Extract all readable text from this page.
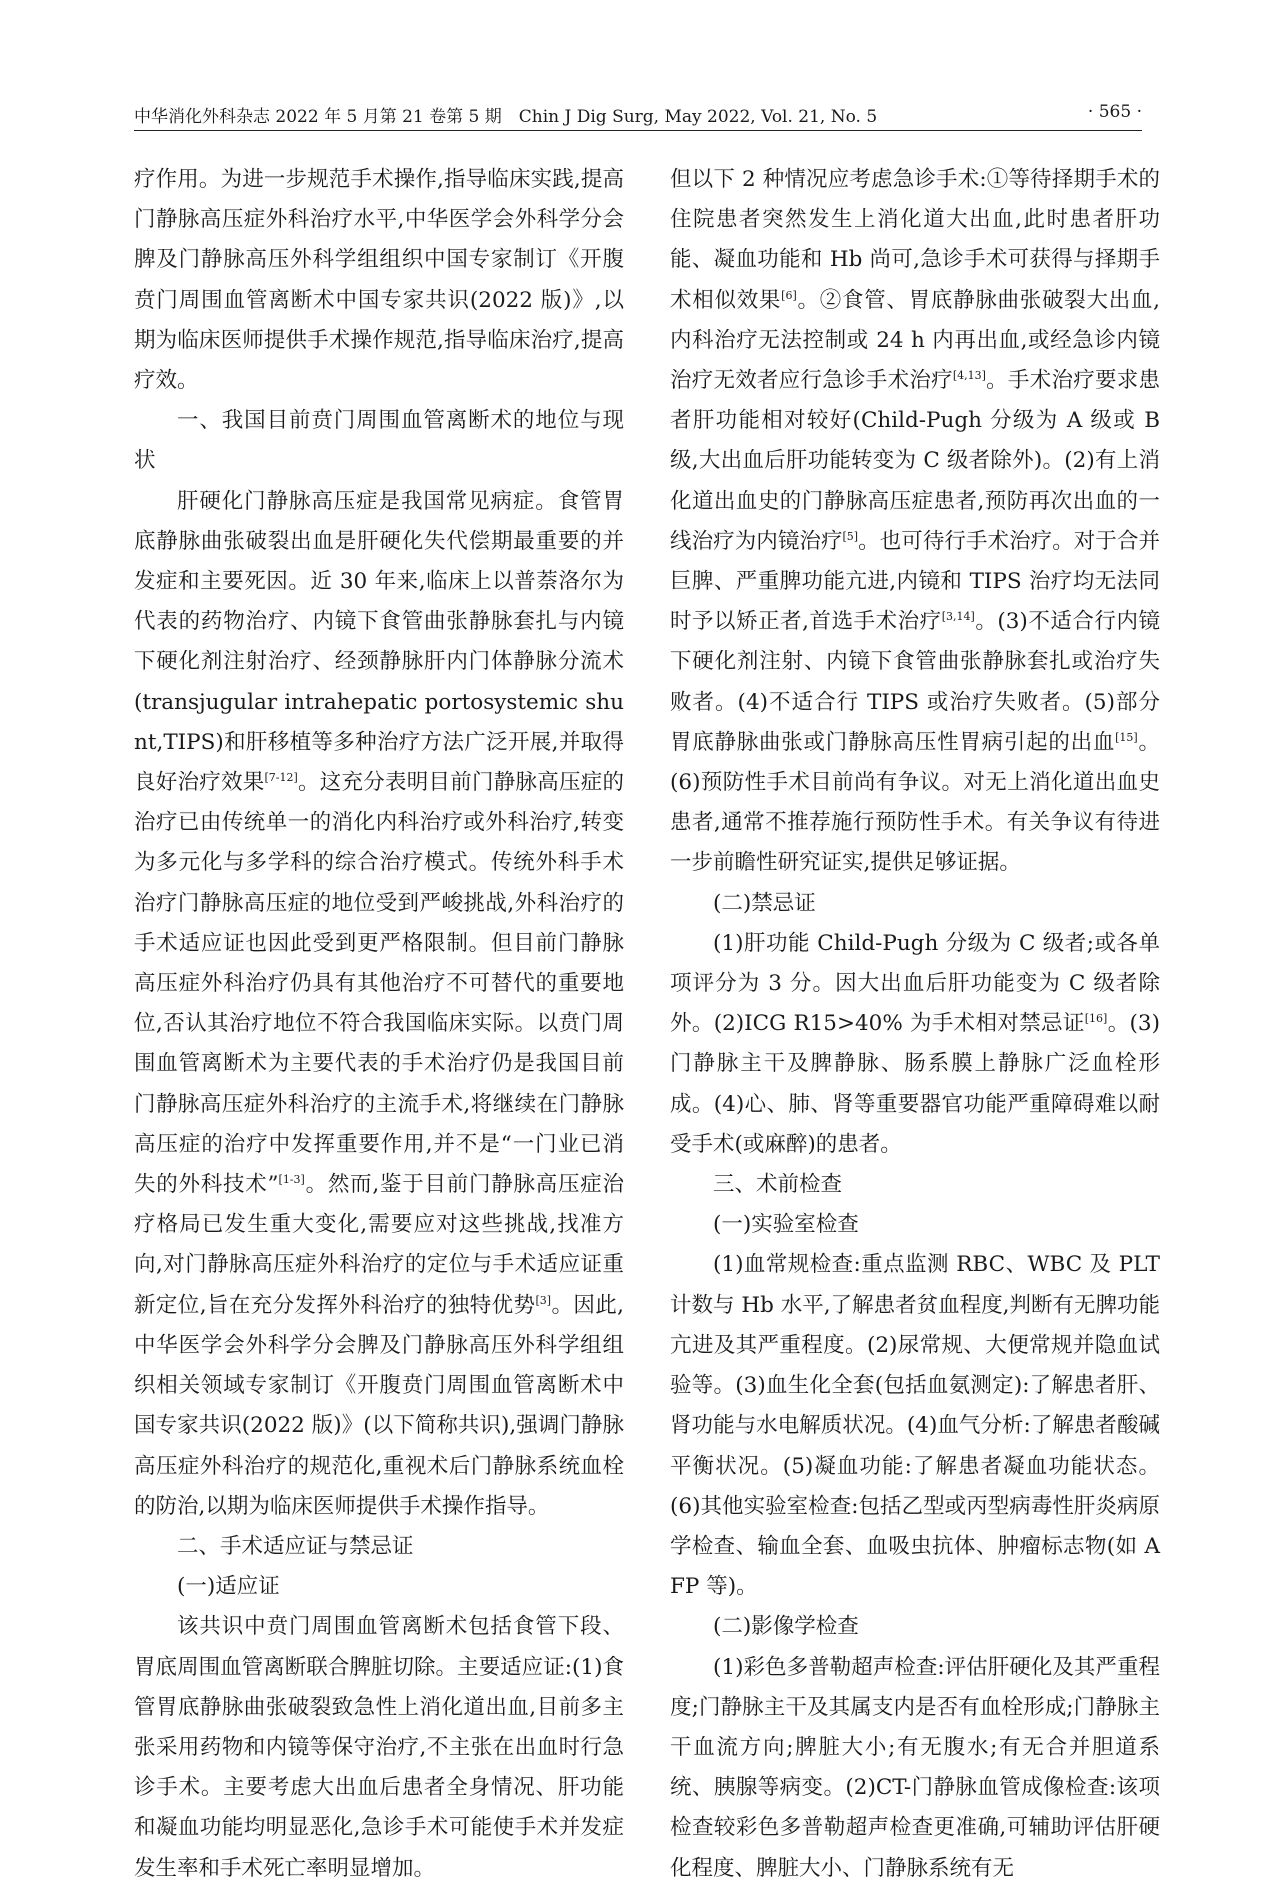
中华消化外科杂志 2022 年 5 月第 21 卷第 5 期　Chin J Dig Surg, May 2022, Vol. 21, No. 5	· 565 ·

疗作用。为进一步规范手术操作,指导临床实践,提高门静脉高压症外科治疗水平,中华医学会外科学分会脾及门静脉高压外科学组组织中国专家制订《开腹贲门周围血管离断术中国专家共识(2022 版)》,以期为临床医师提供手术操作规范,指导临床治疗,提高疗效。

一、我国目前贲门周围血管离断术的地位与现状

肝硬化门静脉高压症是我国常见病症。食管胃底静脉曲张破裂出血是肝硬化失代偿期最重要的并发症和主要死因。近 30 年来,临床上以普萘洛尔为代表的药物治疗、内镜下食管曲张静脉套扎与内镜下硬化剂注射治疗、经颈静脉肝内门体静脉分流术(transjugular intrahepatic portosystemic shunt,TIPS)和肝移植等多种治疗方法广泛开展,并取得良好治疗效果[7-12]。这充分表明目前门静脉高压症的治疗已由传统单一的消化内科治疗或外科治疗,转变为多元化与多学科的综合治疗模式。传统外科手术治疗门静脉高压症的地位受到严峻挑战,外科治疗的手术适应证也因此受到更严格限制。但目前门静脉高压症外科治疗仍具有其他治疗不可替代的重要地位,否认其治疗地位不符合我国临床实际。以贲门周围血管离断术为主要代表的手术治疗仍是我国目前门静脉高压症外科治疗的主流手术,将继续在门静脉高压症的治疗中发挥重要作用,并不是“一门业已消失的外科技术”[1-3]。然而,鉴于目前门静脉高压症治疗格局已发生重大变化,需要应对这些挑战,找准方向,对门静脉高压症外科治疗的定位与手术适应证重新定位,旨在充分发挥外科治疗的独特优势[3]。因此,中华医学会外科学分会脾及门静脉高压外科学组组织相关领域专家制订《开腹贲门周围血管离断术中国专家共识(2022 版)》(以下简称共识),强调门静脉高压症外科治疗的规范化,重视术后门静脉系统血栓的防治,以期为临床医师提供手术操作指导。

二、手术适应证与禁忌证

(一)适应证

该共识中贲门周围血管离断术包括食管下段、胃底周围血管离断联合脾脏切除。主要适应证:(1)食管胃底静脉曲张破裂致急性上消化道出血,目前多主张采用药物和内镜等保守治疗,不主张在出血时行急诊手术。主要考虑大出血后患者全身情况、肝功能和凝血功能均明显恶化,急诊手术可能使手术并发症发生率和手术死亡率明显增加。

但以下 2 种情况应考虑急诊手术:①等待择期手术的住院患者突然发生上消化道大出血,此时患者肝功能、凝血功能和 Hb 尚可,急诊手术可获得与择期手术相似效果[6]。②食管、胃底静脉曲张破裂大出血,内科治疗无法控制或 24 h 内再出血,或经急诊内镜治疗无效者应行急诊手术治疗[4,13]。手术治疗要求患者肝功能相对较好(Child-Pugh 分级为 A 级或 B 级,大出血后肝功能转变为 C 级者除外)。(2)有上消化道出血史的门静脉高压症患者,预防再次出血的一线治疗为内镜治疗[5]。也可待行手术治疗。对于合并巨脾、严重脾功能亢进,内镜和 TIPS 治疗均无法同时予以矫正者,首选手术治疗[3,14]。(3)不适合行内镜下硬化剂注射、内镜下食管曲张静脉套扎或治疗失败者。(4)不适合行 TIPS 或治疗失败者。(5)部分胃底静脉曲张或门静脉高压性胃病引起的出血[15]。(6)预防性手术目前尚有争议。对无上消化道出血史患者,通常不推荐施行预防性手术。有关争议有待进一步前瞻性研究证实,提供足够证据。

(二)禁忌证

(1)肝功能 Child-Pugh 分级为 C 级者;或各单项评分为 3 分。因大出血后肝功能变为 C 级者除外。(2)ICG R15>40% 为手术相对禁忌证[16]。(3)门静脉主干及脾静脉、肠系膜上静脉广泛血栓形成。(4)心、肺、肾等重要器官功能严重障碍难以耐受手术(或麻醉)的患者。

三、术前检查

(一)实验室检查

(1)血常规检查:重点监测 RBC、WBC 及 PLT 计数与 Hb 水平,了解患者贫血程度,判断有无脾功能亢进及其严重程度。(2)尿常规、大便常规并隐血试验等。(3)血生化全套(包括血氨测定):了解患者肝、肾功能与水电解质状况。(4)血气分析:了解患者酸碱平衡状况。(5)凝血功能:了解患者凝血功能状态。(6)其他实验室检查:包括乙型或丙型病毒性肝炎病原学检查、输血全套、血吸虫抗体、肿瘤标志物(如 AFP 等)。

(二)影像学检查

(1)彩色多普勒超声检查:评估肝硬化及其严重程度;门静脉主干及其属支内是否有血栓形成;门静脉主干血流方向;脾脏大小;有无腹水;有无合并胆道系统、胰腺等病变。(2)CT-门静脉血管成像检查:该项检查较彩色多普勒超声检查更准确,可辅助评估肝硬化程度、脾脏大小、门静脉系统有无
